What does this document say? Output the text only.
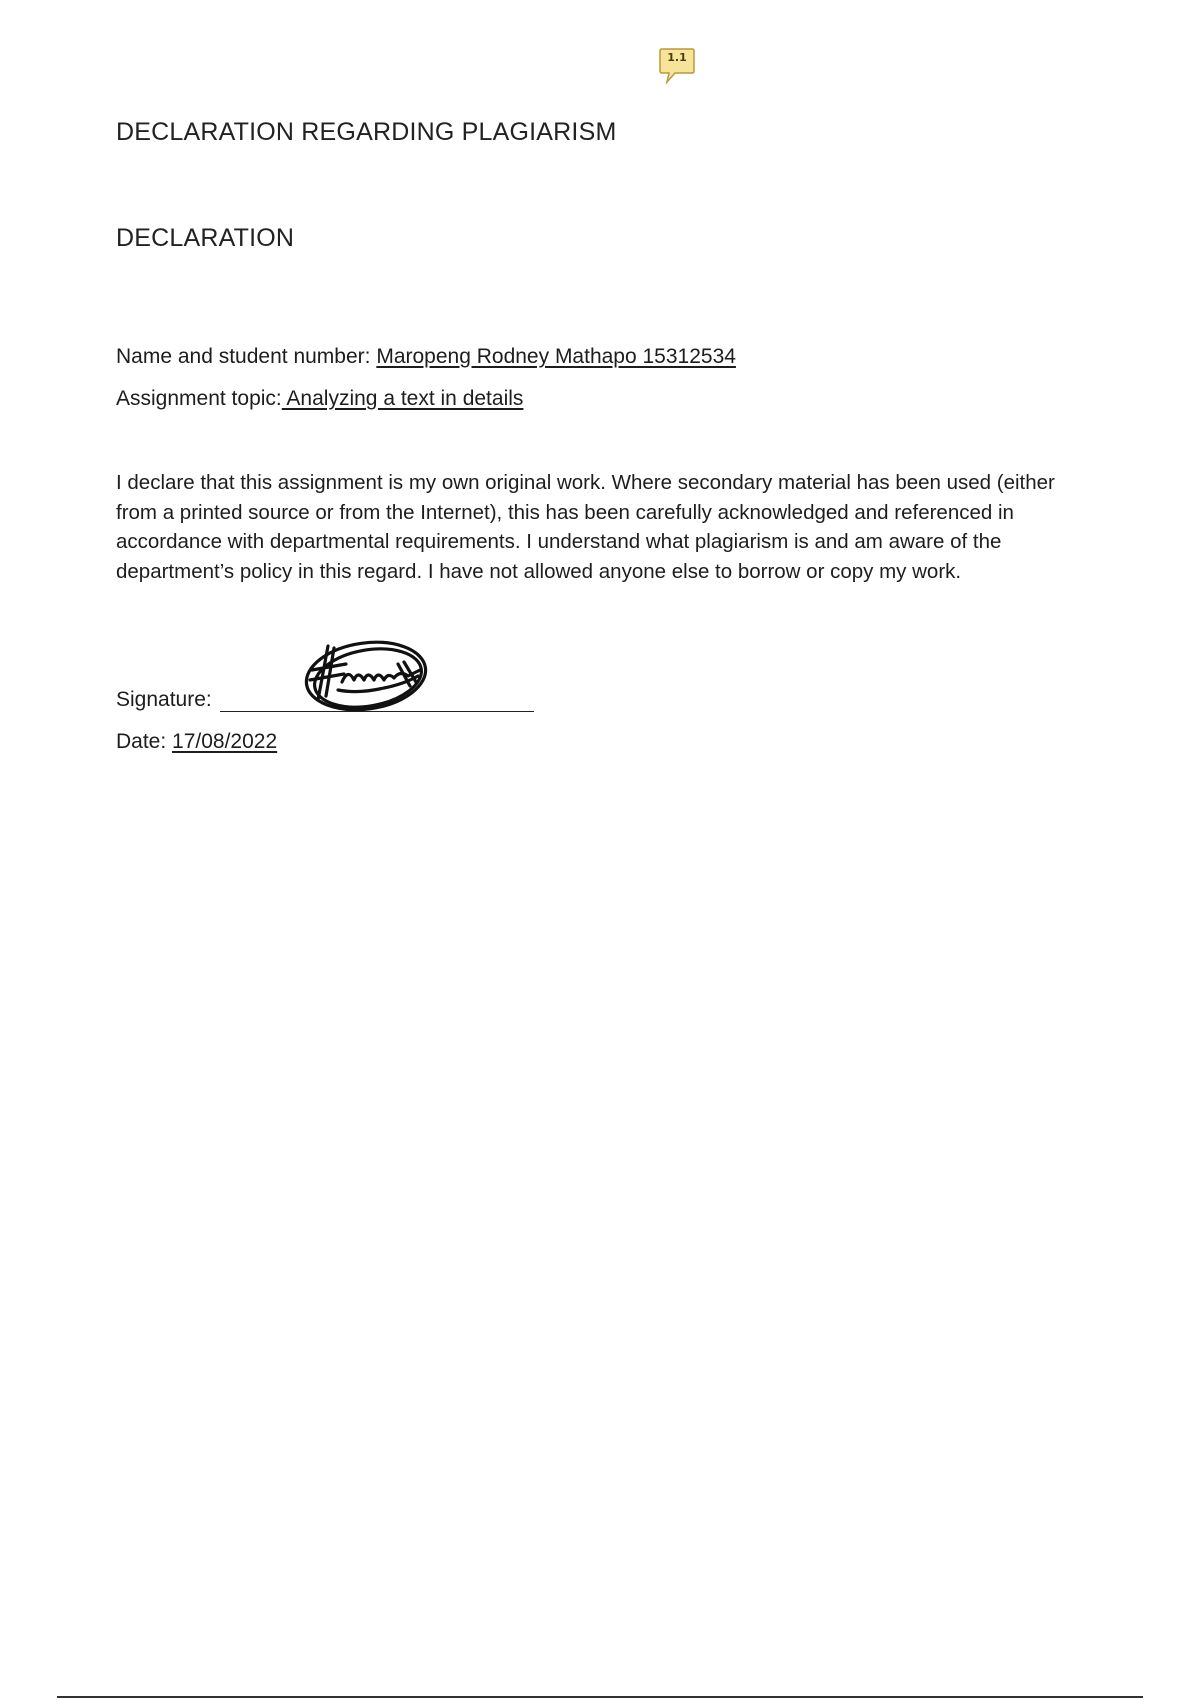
1.1
DECLARATION REGARDING PLAGIARISM
DECLARATION
Name and student number: Maropeng Rodney Mathapo 15312534
Assignment topic: Analyzing a text in details
I declare that this assignment is my own original work. Where secondary material has been used (either from a printed source or from the Internet), this has been carefully acknowledged and referenced in accordance with departmental requirements. I understand what plagiarism is and am aware of the department’s policy in this regard. I have not allowed anyone else to borrow or copy my work.
Signature:
Date: 17/08/2022
